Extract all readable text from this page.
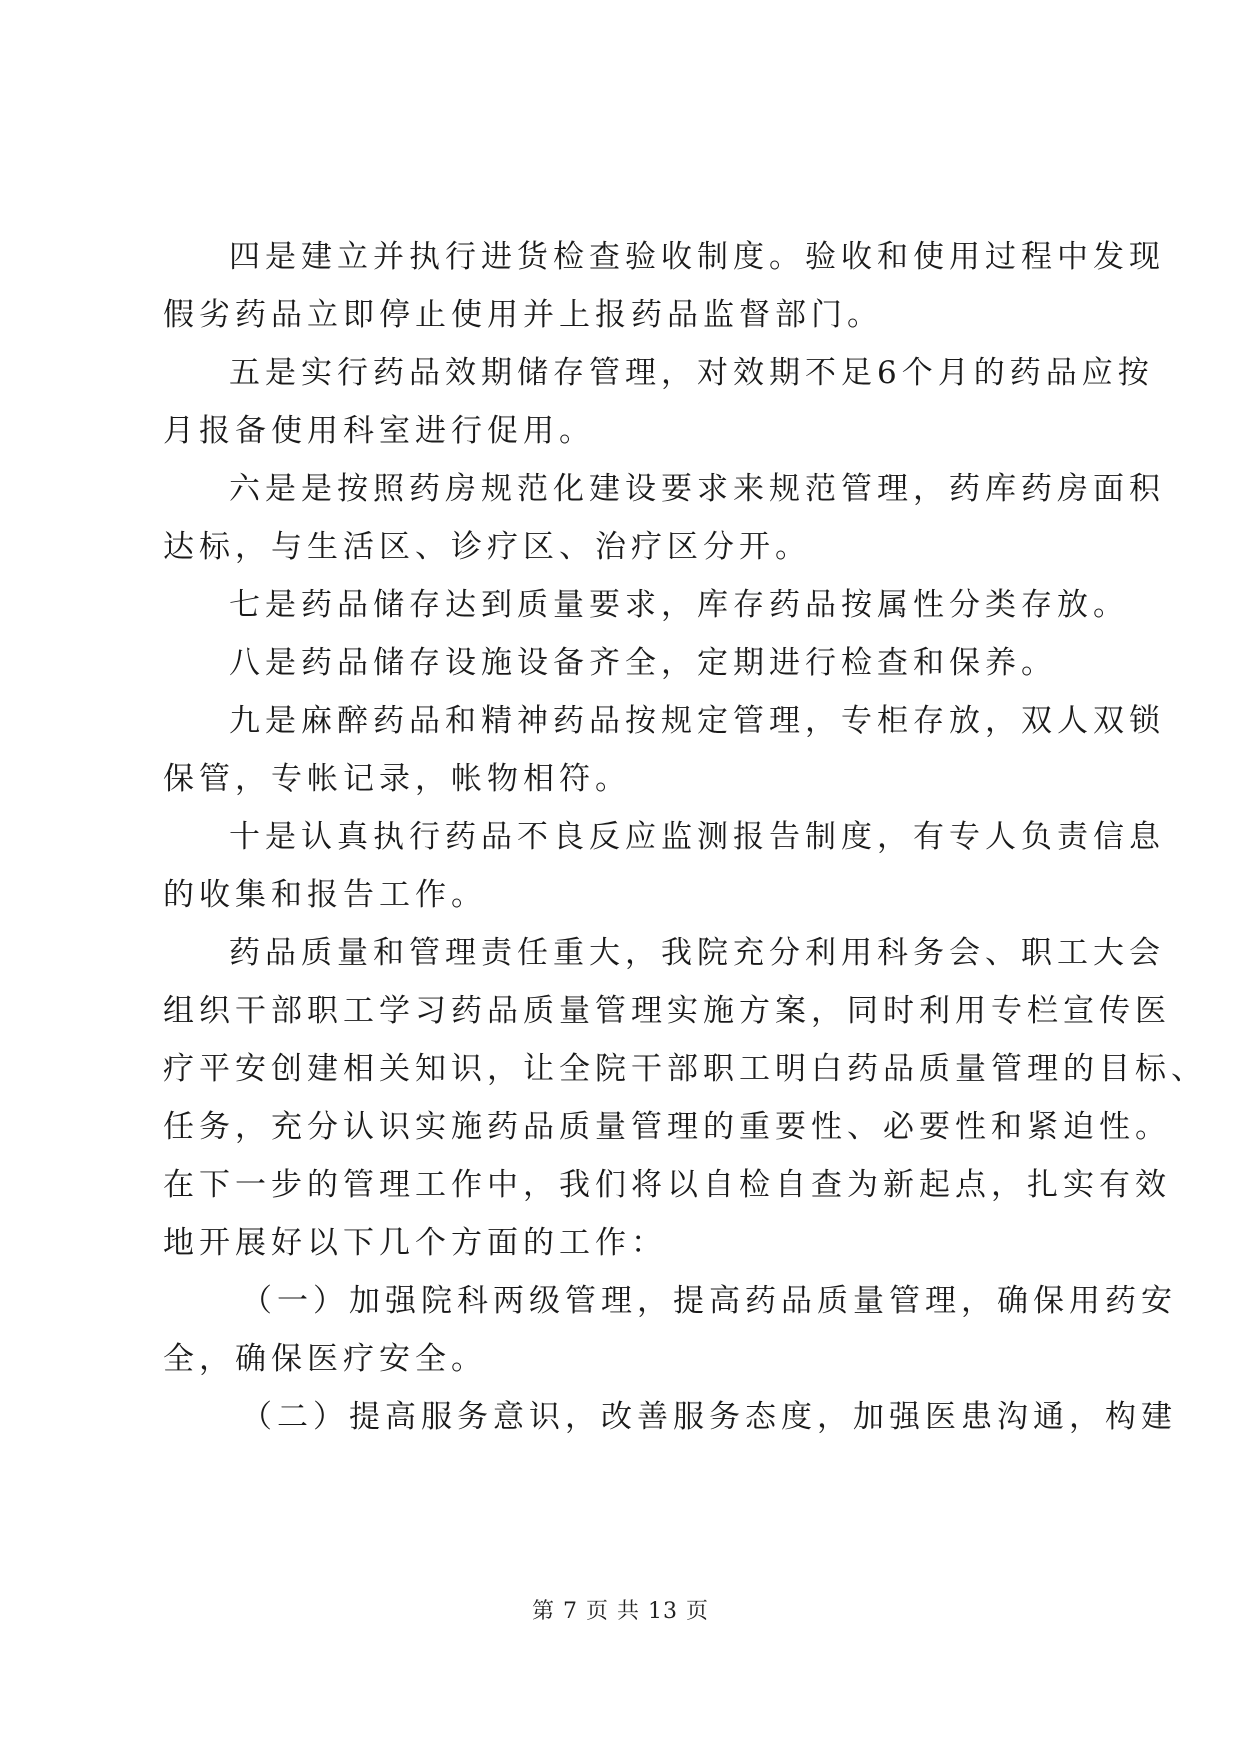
四是建立并执行进货检查验收制度。验收和使用过程中发现
假劣药品立即停止使用并上报药品监督部门。
五是实行药品效期储存管理，对效期不足6个月的药品应按
月报备使用科室进行促用。
六是是按照药房规范化建设要求来规范管理，药库药房面积
达标，与生活区、诊疗区、治疗区分开。
七是药品储存达到质量要求，库存药品按属性分类存放。
八是药品储存设施设备齐全，定期进行检查和保养。
九是麻醉药品和精神药品按规定管理，专柜存放，双人双锁
保管，专帐记录，帐物相符。
十是认真执行药品不良反应监测报告制度，有专人负责信息
的收集和报告工作。
药品质量和管理责任重大，我院充分利用科务会、职工大会
组织干部职工学习药品质量管理实施方案，同时利用专栏宣传医
疗平安创建相关知识，让全院干部职工明白药品质量管理的目标、
任务，充分认识实施药品质量管理的重要性、必要性和紧迫性。
在下一步的管理工作中，我们将以自检自查为新起点，扎实有效
地开展好以下几个方面的工作：
（一）加强院科两级管理，提高药品质量管理，确保用药安
全，确保医疗安全。
（二）提高服务意识，改善服务态度，加强医患沟通，构建
第 7 页 共 13 页
